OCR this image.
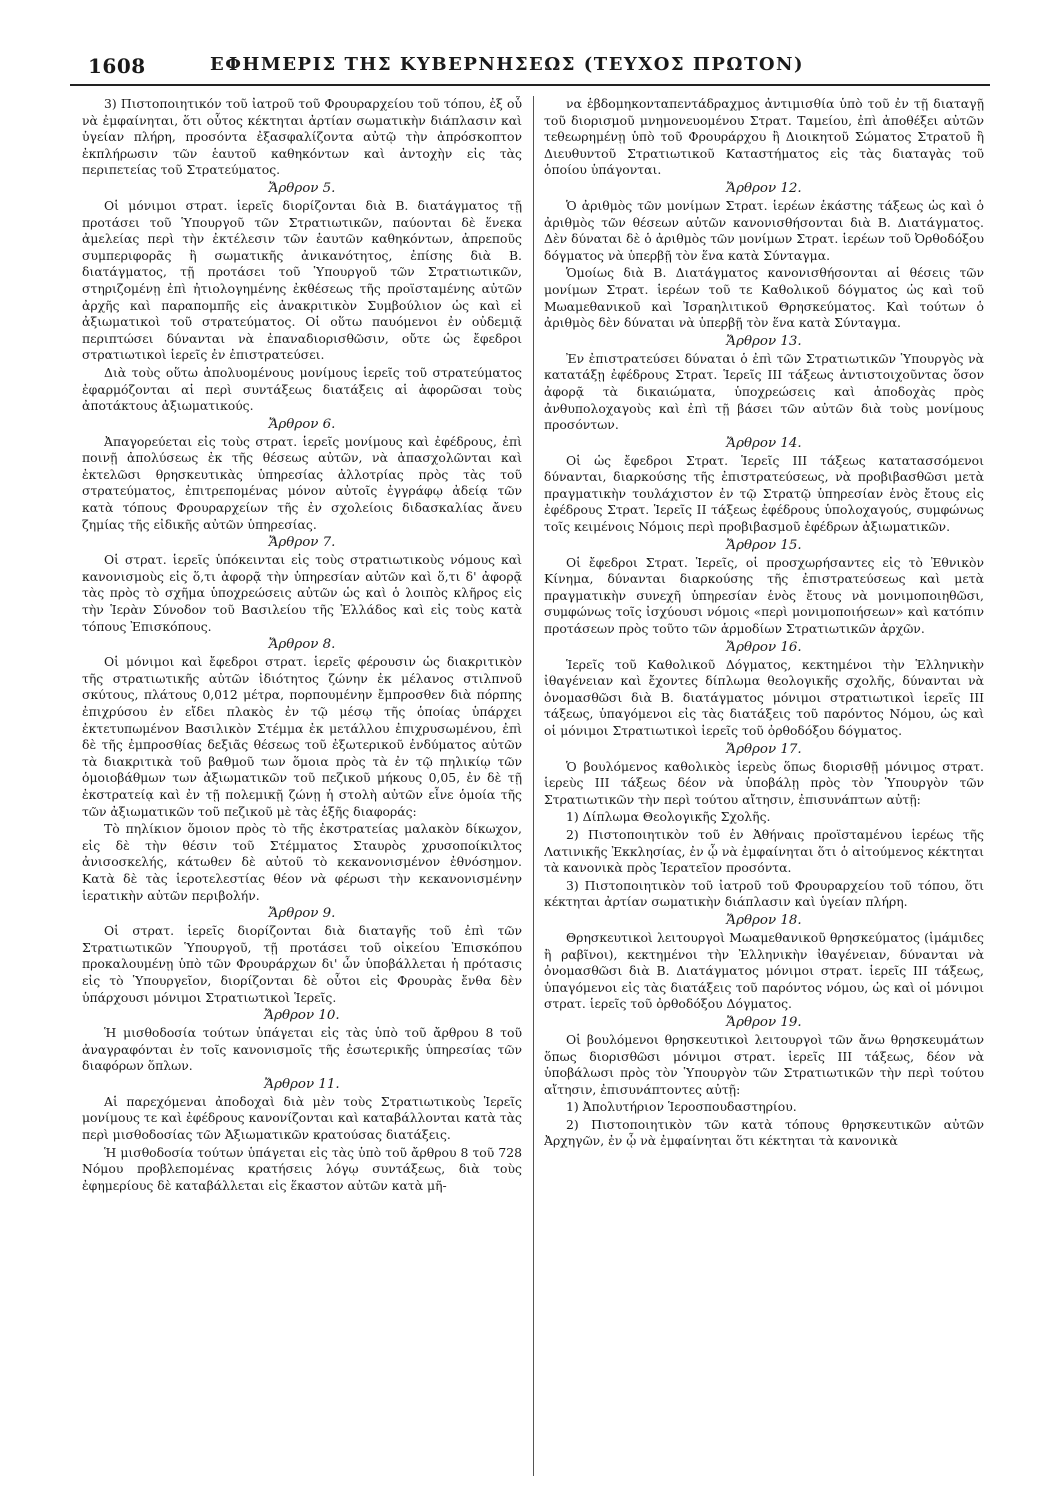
1608	ΕΦΗΜΕΡΙΣ ΤΗΣ ΚΥΒΕΡΝΗΣΕΩΣ (ΤΕΥΧΟΣ ΠΡΩΤΟΝ)

3) Πιστοποιητικόν τοῦ ἰατροῦ τοῦ Φρουραρχείου τοῦ τόπου, ἐξ οὗ νὰ ἐμφαίνηται, ὅτι οὗτος κέκτηται ἀρτίαν σωματικὴν διάπλασιν καὶ ὑγείαν πλήρη, προσόντα ἐξασφαλίζοντα αὐτῷ τὴν ἀπρόσκοπτον ἐκπλήρωσιν τῶν ἑαυτοῦ καθηκόντων καὶ ἀντοχὴν εἰς τὰς περιπετείας τοῦ Στρατεύματος.

Ἄρθρον 5.

Οἱ μόνιμοι στρατ. ἱερεῖς διορίζονται διὰ Β. διατάγματος τῇ προτάσει τοῦ Ὑπουργοῦ τῶν Στρατιωτικῶν, παύονται δὲ ἕνεκα ἀμελείας περὶ τὴν ἐκτέλεσιν τῶν ἑαυτῶν καθηκόντων, ἀπρεποῦς συμπεριφορᾶς ἢ σωματικῆς ἀνικανότητος, ἐπίσης διὰ Β. διατάγματος, τῇ προτάσει τοῦ Ὑπουργοῦ τῶν Στρατιωτικῶν, στηριζομένῃ ἐπὶ ἠτιολογημένης ἐκθέσεως τῆς προϊσταμένης αὐτῶν ἀρχῆς καὶ παραπομπῆς εἰς ἀνακριτικὸν Συμβούλιον ὡς καὶ εἰ ἀξιωματικοὶ τοῦ στρατεύματος. Οἱ οὕτω παυόμενοι ἐν οὐδεμιᾷ περιπτώσει δύνανται νὰ ἐπαναδιορισθῶσιν, οὔτε ὡς ἔφεδροι στρατιωτικοὶ ἱερεῖς ἐν ἐπιστρατεύσει.

Διὰ τοὺς οὕτω ἀπολυομένους μονίμους ἱερεῖς τοῦ στρατεύματος ἐφαρμόζονται αἱ περὶ συντάξεως διατάξεις αἱ ἀφορῶσαι τοὺς ἀποτάκτους ἀξιωματικούς.

Ἄρθρον 6.

Ἀπαγορεύεται εἰς τοὺς στρατ. ἱερεῖς μονίμους καὶ ἐφέδρους, ἐπὶ ποινῇ ἀπολύσεως ἐκ τῆς θέσεως αὐτῶν, νὰ ἀπασχολῶνται καὶ ἐκτελῶσι θρησκευτικὰς ὑπηρεσίας ἀλλοτρίας πρὸς τὰς τοῦ στρατεύματος, ἐπιτρεπομένας μόνον αὐτοῖς ἐγγράφῳ ἀδείᾳ τῶν κατὰ τόπους Φρουραρχείων τῆς ἐν σχολείοις διδασκαλίας ἄνευ ζημίας τῆς εἰδικῆς αὐτῶν ὑπηρεσίας.

Ἄρθρον 7.

Οἱ στρατ. ἱερεῖς ὑπόκεινται εἰς τοὺς στρατιωτικοὺς νόμους καὶ κανονισμοὺς εἰς ὅ,τι ἀφορᾷ τὴν ὑπηρεσίαν αὐτῶν καὶ ὅ,τι δ' ἀφορᾷ τὰς πρὸς τὸ σχῆμα ὑποχρεώσεις αὐτῶν ὡς καὶ ὁ λοιπὸς κλῆρος εἰς τὴν Ἱερὰν Σύνοδον τοῦ Βασιλείου τῆς Ἑλλάδος καὶ εἰς τοὺς κατὰ τόπους Ἐπισκόπους.

Ἄρθρον 8.

Οἱ μόνιμοι καὶ ἔφεδροι στρατ. ἱερεῖς φέρουσιν ὡς διακριτικὸν τῆς στρατιωτικῆς αὐτῶν ἰδιότητος ζώνην ἐκ μέλανος στιλπνοῦ σκύτους, πλάτους 0,012 μέτρα, πορπουμένην ἔμπροσθεν διὰ πόρπης ἐπιχρύσου ἐν εἴδει πλακὸς ἐν τῷ μέσῳ τῆς ὁποίας ὑπάρχει ἐκτετυπωμένον Βασιλικὸν Στέμμα ἐκ μετάλλου ἐπιχρυσωμένου, ἐπὶ δὲ τῆς ἐμπροσθίας δεξιᾶς θέσεως τοῦ ἐξωτερικοῦ ἐνδύματος αὐτῶν τὰ διακριτικὰ τοῦ βαθμοῦ των ὅμοια πρὸς τὰ ἐν τῷ πηλικίῳ τῶν ὁμοιοβάθμων των ἀξιωματικῶν τοῦ πεζικοῦ μήκους 0,05, ἐν δὲ τῇ ἐκστρατείᾳ καὶ ἐν τῇ πολεμικῇ ζώνῃ ἡ στολὴ αὐτῶν εἶνε ὁμοία τῆς τῶν ἀξιωματικῶν τοῦ πεζικοῦ μὲ τὰς ἑξῆς διαφοράς:

Τὸ πηλίκιον ὅμοιον πρὸς τὸ τῆς ἐκστρατείας μαλακὸν δίκωχον, εἰς δὲ τὴν θέσιν τοῦ Στέμματος Σταυρὸς χρυσοποίκιλτος ἀνισοσκελής, κάτωθεν δὲ αὐτοῦ τὸ κεκανονισμένον ἐθνόσημον. Κατὰ δὲ τὰς ἱεροτελεστίας θέον νὰ φέρωσι τὴν κεκανονισμένην ἱερατικὴν αὐτῶν περιβολήν.

Ἄρθρον 9.

Οἱ στρατ. ἱερεῖς διορίζονται διὰ διαταγῆς τοῦ ἐπὶ τῶν Στρατιωτικῶν Ὑπουργοῦ, τῇ προτάσει τοῦ οἰκείου Ἐπισκόπου προκαλουμένῃ ὑπὸ τῶν Φρουράρχων δι' ὧν ὑποβάλλεται ἡ πρότασις εἰς τὸ Ὑπουργεῖον, διορίζονται δὲ οὗτοι εἰς Φρουρὰς ἔνθα δὲν ὑπάρχουσι μόνιμοι Στρατιωτικοὶ Ἱερεῖς.

Ἄρθρον 10.

Ἡ μισθοδοσία τούτων ὑπάγεται εἰς τὰς ὑπὸ τοῦ ἄρθρου 8 τοῦ ἀναγραφόνται ἐν τοῖς κανονισμοῖς τῆς ἐσωτερικῆς ὑπηρεσίας τῶν διαφόρων ὅπλων.

Ἄρθρον 11.

Αἱ παρεχόμεναι ἀποδοχαὶ διὰ μὲν τοὺς Στρατιωτικοὺς Ἱερεῖς μονίμους τε καὶ ἐφέδρους κανονίζονται καὶ καταβάλλονται κατὰ τὰς περὶ μισθοδοσίας τῶν Ἀξιωματικῶν κρατούσας διατάξεις.

Ἡ μισθοδοσία τούτων ὑπάγεται εἰς τὰς ὑπὸ τοῦ ἄρθρου 8 τοῦ 728 Νόμου προβλεπομένας κρατήσεις λόγῳ συντάξεως, διὰ τοὺς ἐφημερίους δὲ καταβάλλεται εἰς ἕκαστον αὐτῶν κατὰ μῆ-

να ἑβδομηκονταπεντάδραχμος ἀντιμισθία ὑπὸ τοῦ ἐν τῇ διαταγῇ τοῦ διορισμοῦ μνημονευομένου Στρατ. Ταμείου, ἐπὶ ἀποθέξει αὐτῶν τεθεωρημένῃ ὑπὸ τοῦ Φρουράρχου ἢ Διοικητοῦ Σώματος Στρατοῦ ἢ Διευθυντοῦ Στρατιωτικοῦ Καταστήματος εἰς τὰς διαταγὰς τοῦ ὁποίου ὑπάγονται.

Ἄρθρον 12.

Ὁ ἀριθμὸς τῶν μονίμων Στρατ. ἱερέων ἑκάστης τάξεως ὡς καὶ ὁ ἀριθμὸς τῶν θέσεων αὐτῶν κανονισθήσονται διὰ Β. Διατάγματος. Δὲν δύναται δὲ ὁ ἀριθμὸς τῶν μονίμων Στρατ. ἱερέων τοῦ Ὀρθοδόξου δόγματος νὰ ὑπερβῇ τὸν ἕνα κατὰ Σύνταγμα.

Ὁμοίως διὰ Β. Διατάγματος κανονισθήσονται αἱ θέσεις τῶν μονίμων Στρατ. ἱερέων τοῦ τε Καθολικοῦ δόγματος ὡς καὶ τοῦ Μωαμεθανικοῦ καὶ Ἰσραηλιτικοῦ Θρησκεύματος. Καὶ τούτων ὁ ἀριθμὸς δὲν δύναται νὰ ὑπερβῇ τὸν ἕνα κατὰ Σύνταγμα.

Ἄρθρον 13.

Ἐν ἐπιστρατεύσει δύναται ὁ ἐπὶ τῶν Στρατιωτικῶν Ὑπουργὸς νὰ κατατάξῃ ἐφέδρους Στρατ. Ἱερεῖς ΙΙΙ τάξεως ἀντιστοιχοῦντας ὅσον ἀφορᾷ τὰ δικαιώματα, ὑποχρεώσεις καὶ ἀποδοχὰς πρὸς ἀνθυπολοχαγοὺς καὶ ἐπὶ τῇ βάσει τῶν αὐτῶν διὰ τοὺς μονίμους προσόντων.

Ἄρθρον 14.

Οἱ ὡς ἔφεδροι Στρατ. Ἱερεῖς ΙΙΙ τάξεως κατατασσόμενοι δύνανται, διαρκούσης τῆς ἐπιστρατεύσεως, νὰ προβιβασθῶσι μετὰ πραγματικὴν τουλάχιστον ἐν τῷ Στρατῷ ὑπηρεσίαν ἑνὸς ἔτους εἰς ἐφέδρους Στρατ. Ἱερεῖς ΙΙ τάξεως ἐφέδρους ὑπολοχαγούς, συμφώνως τοῖς κειμένοις Νόμοις περὶ προβιβασμοῦ ἐφέδρων ἀξιωματικῶν.

Ἄρθρον 15.

Οἱ ἔφεδροι Στρατ. Ἱερεῖς, οἱ προσχωρήσαντες εἰς τὸ Ἐθνικὸν Κίνημα, δύνανται διαρκούσης τῆς ἐπιστρατεύσεως καὶ μετὰ πραγματικὴν συνεχῆ ὑπηρεσίαν ἑνὸς ἔτους νὰ μονιμοποιηθῶσι, συμφώνως τοῖς ἰσχύουσι νόμοις «περὶ μονιμοποιήσεων» καὶ κατόπιν προτάσεων πρὸς τοῦτο τῶν ἁρμοδίων Στρατιωτικῶν ἀρχῶν.

Ἄρθρον 16.

Ἱερεῖς τοῦ Καθολικοῦ Δόγματος, κεκτημένοι τὴν Ἑλληνικὴν ἰθαγένειαν καὶ ἔχοντες δίπλωμα θεολογικῆς σχολῆς, δύνανται νὰ ὀνομασθῶσι διὰ Β. διατάγματος μόνιμοι στρατιωτικοὶ ἱερεῖς ΙΙΙ τάξεως, ὑπαγόμενοι εἰς τὰς διατάξεις τοῦ παρόντος Νόμου, ὡς καὶ οἱ μόνιμοι Στρατιωτικοὶ ἱερεῖς τοῦ ὀρθοδόξου δόγματος.

Ἄρθρον 17.

Ὁ βουλόμενος καθολικὸς ἱερεὺς ὅπως διορισθῇ μόνιμος στρατ. ἱερεὺς ΙΙΙ τάξεως δέον νὰ ὑποβάλῃ πρὸς τὸν Ὑπουργὸν τῶν Στρατιωτικῶν τὴν περὶ τούτου αἴτησιν, ἐπισυνάπτων αὐτῇ:

1) Δίπλωμα Θεολογικῆς Σχολῆς.

2) Πιστοποιητικὸν τοῦ ἐν Ἀθήναις προϊσταμένου ἱερέως τῆς Λατινικῆς Ἐκκλησίας, ἐν ᾧ νὰ ἐμφαίνηται ὅτι ὁ αἰτούμενος κέκτηται τὰ κανονικὰ πρὸς Ἱερατεῖον προσόντα.

3) Πιστοποιητικὸν τοῦ ἰατροῦ τοῦ Φρουραρχείου τοῦ τόπου, ὅτι κέκτηται ἀρτίαν σωματικὴν διάπλασιν καὶ ὑγείαν πλήρη.

Ἄρθρον 18.

Θρησκευτικοὶ λειτουργοὶ Μωαμεθανικοῦ θρησκεύματος (ἰμάμιδες ἢ ραβῖνοι), κεκτημένοι τὴν Ἑλληνικὴν ἰθαγένειαν, δύνανται νὰ ὀνομασθῶσι διὰ Β. Διατάγματος μόνιμοι στρατ. ἱερεῖς ΙΙΙ τάξεως, ὑπαγόμενοι εἰς τὰς διατάξεις τοῦ παρόντος νόμου, ὡς καὶ οἱ μόνιμοι στρατ. ἱερεῖς τοῦ ὀρθοδόξου Δόγματος.

Ἄρθρον 19.

Οἱ βουλόμενοι θρησκευτικοὶ λειτουργοὶ τῶν ἄνω θρησκευμάτων ὅπως διορισθῶσι μόνιμοι στρατ. ἱερεῖς ΙΙΙ τάξεως, δέον νὰ ὑποβάλωσι πρὸς τὸν Ὑπουργὸν τῶν Στρατιωτικῶν τὴν περὶ τούτου αἴτησιν, ἐπισυνάπτοντες αὐτῇ:

1) Ἀπολυτήριον Ἱεροσπουδαστηρίου.

2) Πιστοποιητικὸν τῶν κατὰ τόπους θρησκευτικῶν αὐτῶν Ἀρχηγῶν, ἐν ᾧ νὰ ἐμφαίνηται ὅτι κέκτηται τὰ κανονικὰ
